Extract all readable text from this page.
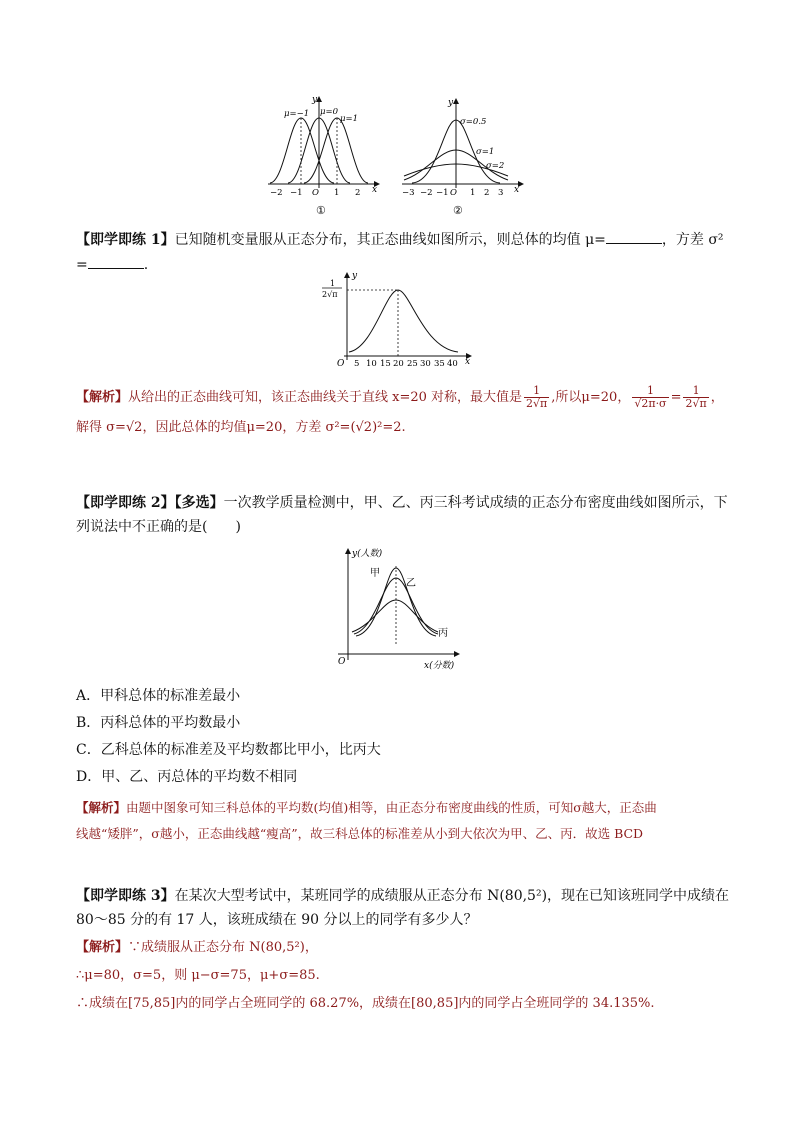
x
y
μ=−1 μ=0
μ=1
−2 −1 O 1 2
①
x
y
σ=0.5
σ=1
σ=2
−3 −2 −1 O 1 2 3
②
【即学即练 1】已知随机变量服从正态分布，其正态曲线如图所示，则总体的均值 μ=	，方差 σ²
=	.
x
y
1
2√π
O 5 10 15 20 25 30 35 40
【解析】从给出的正态曲线可知，该正态曲线关于直线 x=20 对称，最大值是 $\frac{1}{2√\pi}$ ,所以μ=20， $\frac{1}{√2\pi\cdot\sigma} = \frac{1}{2√\pi}$ ，
解得 σ=√2，因此总体的均值μ=20，方差 σ²=(√2)²=2.
【即学即练 2】【多选】一次教学质量检测中，甲、乙、丙三科考试成绩的正态分布密度曲线如图所示，下
列说法中不正确的是(　　)
y(人数)
x(分数)
O
甲
乙
丙
A．甲科总体的标准差最小
B．丙科总体的平均数最小
C．乙科总体的标准差及平均数都比甲小，比丙大
D．甲、乙、丙总体的平均数不相同
【解析】由题中图象可知三科总体的平均数(均值)相等，由正态分布密度曲线的性质，可知σ越大，正态曲
线越“矮胖”，σ越小，正态曲线越“瘦高”，故三科总体的标准差从小到大依次为甲、乙、丙．故选 BCD
【即学即练 3】在某次大型考试中，某班同学的成绩服从正态分布 N(80,5²)，现在已知该班同学中成绩在
80～85 分的有 17 人，该班成绩在 90 分以上的同学有多少人？
【解析】∵成绩服从正态分布 N(80,5²)，
∴μ=80，σ=5，则 μ−σ=75，μ+σ=85.
∴成绩在[75,85]内的同学占全班同学的 68.27%，成绩在[80,85]内的同学占全班同学的 34.135%.
